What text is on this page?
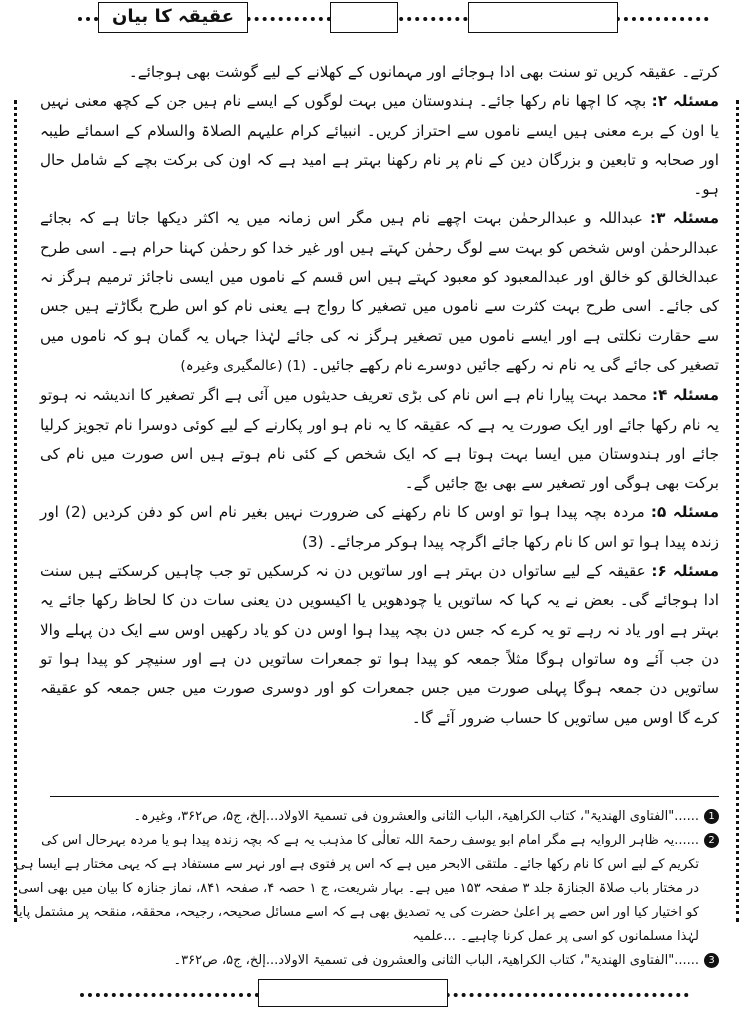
عقیقہ کا بیان

کرتے۔ عقیقہ کریں تو سنت بھی ادا ہوجائے اور مہمانوں کے کھلانے کے لیے گوشت بھی ہوجائے۔

مسئلہ ۲: بچہ کا اچھا نام رکھا جائے۔ ہندوستان میں بہت لوگوں کے ایسے نام ہیں جن کے کچھ معنی نہیں یا اون کے برے معنی ہیں ایسے ناموں سے احتراز کریں۔ انبیائے کرام علیہم الصلاۃ والسلام کے اسمائے طیبہ اور صحابہ و تابعین و بزرگان دین کے نام پر نام رکھنا بہتر ہے امید ہے کہ اون کی برکت بچے کے شامل حال ہو۔

مسئلہ ۳: عبداللہ و عبدالرحمٰن بہت اچھے نام ہیں مگر اس زمانہ میں یہ اکثر دیکھا جاتا ہے کہ بجائے عبدالرحمٰن اوس شخص کو بہت سے لوگ رحمٰن کہتے ہیں اور غیر خدا کو رحمٰن کہنا حرام ہے۔ اسی طرح عبدالخالق کو خالق اور عبدالمعبود کو معبود کہتے ہیں اس قسم کے ناموں میں ایسی ناجائز ترمیم ہرگز نہ کی جائے۔ اسی طرح بہت کثرت سے ناموں میں تصغیر کا رواج ہے یعنی نام کو اس طرح بگاڑتے ہیں جس سے حقارت نکلتی ہے اور ایسے ناموں میں تصغیر ہرگز نہ کی جائے لہٰذا جہاں یہ گمان ہو کہ ناموں میں تصغیر کی جائے گی یہ نام نہ رکھے جائیں دوسرے نام رکھے جائیں۔ (1) (عالمگیری وغیرہ)

مسئلہ ۴: محمد بہت پیارا نام ہے اس نام کی بڑی تعریف حدیثوں میں آئی ہے اگر تصغیر کا اندیشہ نہ ہوتو یہ نام رکھا جائے اور ایک صورت یہ ہے کہ عقیقہ کا یہ نام ہو اور پکارنے کے لیے کوئی دوسرا نام تجویز کرلیا جائے اور ہندوستان میں ایسا بہت ہوتا ہے کہ ایک شخص کے کئی نام ہوتے ہیں اس صورت میں نام کی برکت بھی ہوگی اور تصغیر سے بھی بچ جائیں گے۔

مسئلہ ۵: مردہ بچہ پیدا ہوا تو اوس کا نام رکھنے کی ضرورت نہیں بغیر نام اس کو دفن کردیں (2) اور زندہ پیدا ہوا تو اس کا نام رکھا جائے اگرچہ پیدا ہوکر مرجائے۔ (3)

مسئلہ ۶: عقیقہ کے لیے ساتواں دن بہتر ہے اور ساتویں دن نہ کرسکیں تو جب چاہیں کرسکتے ہیں سنت ادا ہوجائے گی۔ بعض نے یہ کہا کہ ساتویں یا چودھویں یا اکیسویں دن یعنی سات دن کا لحاظ رکھا جائے یہ بہتر ہے اور یاد نہ رہے تو یہ کرے کہ جس دن بچہ پیدا ہوا اوس دن کو یاد رکھیں اوس سے ایک دن پہلے والا دن جب آئے وہ ساتواں ہوگا مثلاً جمعہ کو پیدا ہوا تو جمعرات ساتویں دن ہے اور سنیچر کو پیدا ہوا تو ساتویں دن جمعہ ہوگا پہلی صورت میں جس جمعرات کو اور دوسری صورت میں جس جمعہ کو عقیقہ کرے گا اوس میں ساتویں کا حساب ضرور آئے گا۔

1
......"الفتاوی الھندیۃ"، کتاب الکراھیۃ، الباب الثانی والعشرون فی تسمیۃ الاولاد...إلخ، ج۵، ص۳۶۲، وغیرہ۔
2
......یہ ظاہر الروایہ ہے مگر امام ابو یوسف رحمۃ اللہ تعالٰی کا مذہب یہ ہے کہ بچہ زندہ پیدا ہو یا مردہ بہرحال اس کی تکریم کے لیے اس کا نام رکھا جائے۔ ملتقی الابحر میں ہے کہ اس پر فتوی ہے اور نہر سے مستفاد ہے کہ یہی مختار ہے ایسا ہی در مختار باب صلاۃ الجنازۃ جلد ۳ صفحہ ۱۵۳ میں ہے۔ بہار شریعت، ج ۱ حصہ ۴، صفحہ ۸۴۱، نماز جنازہ کا بیان میں بھی اسی کو اختیار کیا اور اس حصے پر اعلیٰ حضرت کی یہ تصدیق بھی ہے کہ اسے مسائل صحیحہ، رجیحہ، محققہ، منقحہ پر مشتمل پایا لہٰذا مسلمانوں کو اسی پر عمل کرنا چاہیے۔ ...علمیہ
3
......"الفتاوی الھندیۃ"، کتاب الکراھیۃ، الباب الثانی والعشرون فی تسمیۃ الاولاد...إلخ، ج۵، ص۳۶۲۔
